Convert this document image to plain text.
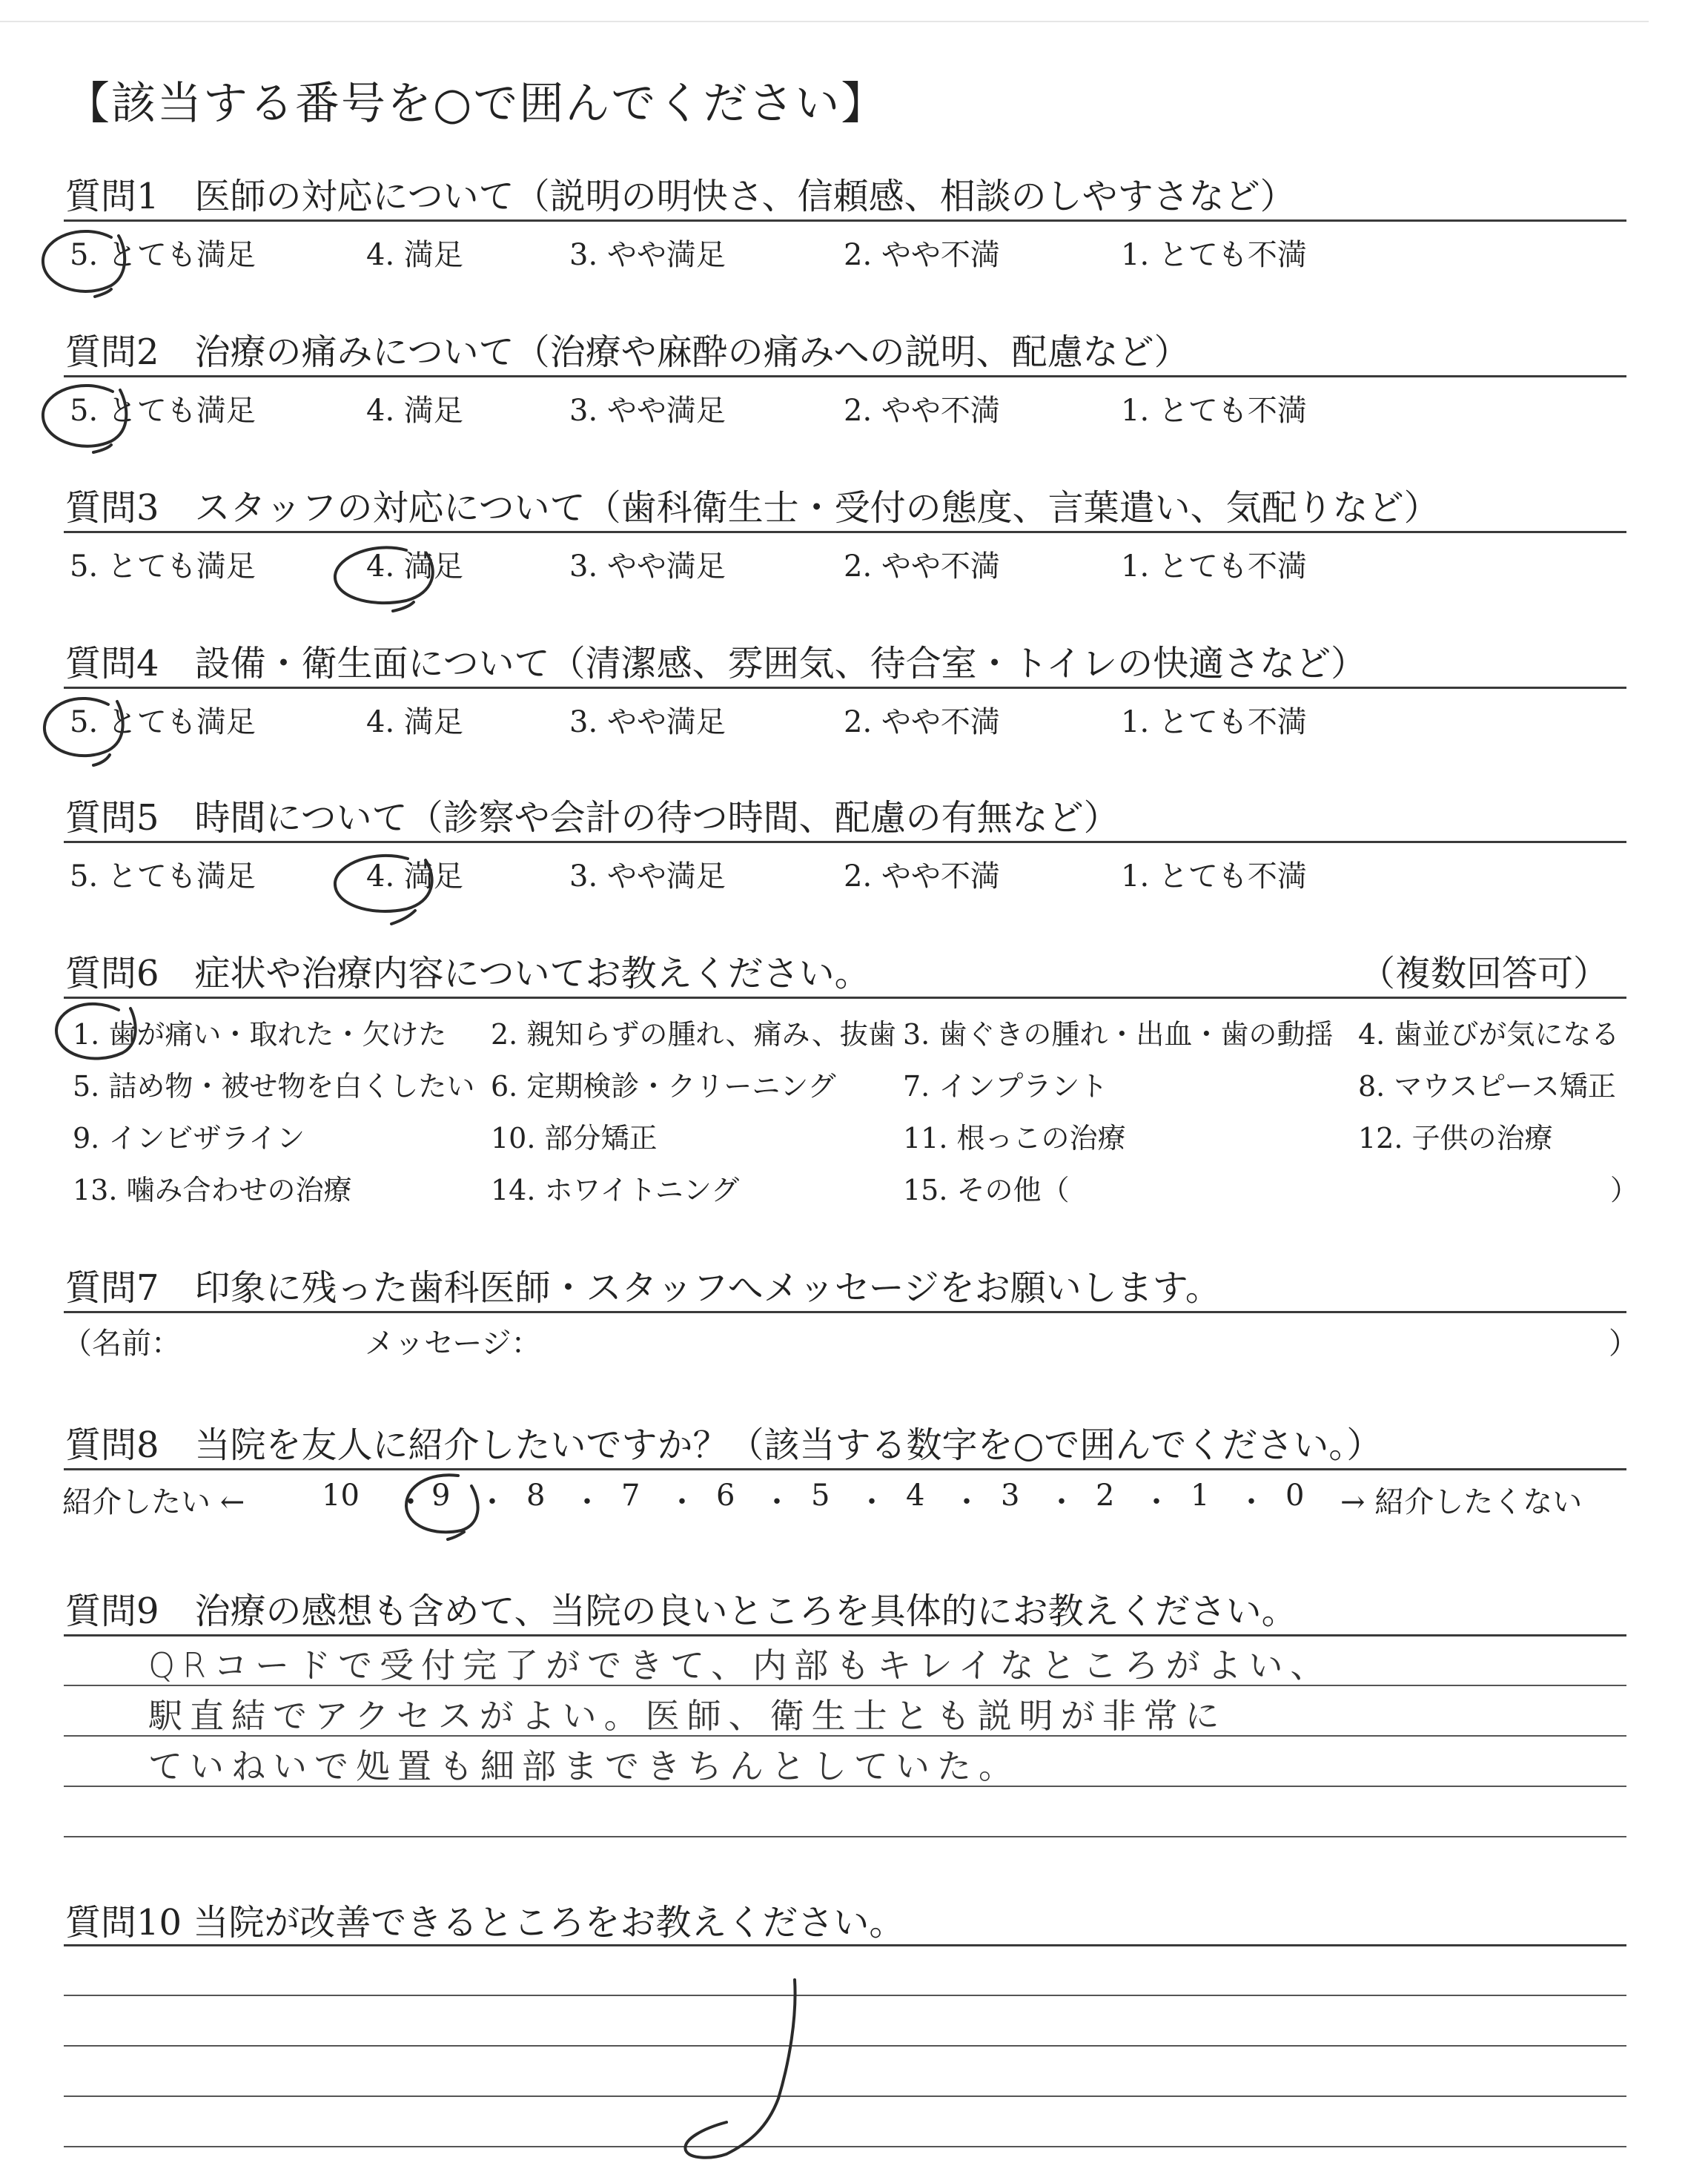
【該当する番号を○で囲んでください】
質問1　医師の対応について（説明の明快さ、信頼感、相談のしやすさなど）
5. とても満足	4. 満足	3. やや満足	2. やや不満	1. とても不満
質問2　治療の痛みについて（治療や麻酔の痛みへの説明、配慮など）
5. とても満足	4. 満足	3. やや満足	2. やや不満	1. とても不満
質問3　スタッフの対応について（歯科衛生士・受付の態度、言葉遣い、気配りなど）
5. とても満足	4. 満足	3. やや満足	2. やや不満	1. とても不満
質問4　設備・衛生面について（清潔感、雰囲気、待合室・トイレの快適さなど）
5. とても満足	4. 満足	3. やや満足	2. やや不満	1. とても不満
質問5　時間について（診察や会計の待つ時間、配慮の有無など）
5. とても満足	4. 満足	3. やや満足	2. やや不満	1. とても不満
質問6　症状や治療内容についてお教えください。	（複数回答可）
1. 歯が痛い・取れた・欠けた 2. 親知らずの腫れ、痛み、抜歯 3. 歯ぐきの腫れ・出血・歯の動揺 4. 歯並びが気になる
5. 詰め物・被せ物を白くしたい 6. 定期検診・クリーニング 7. インプラント	8. マウスピース矯正
9. インビザライン	10. 部分矯正	11. 根っこの治療	12. 子供の治療
13. 噛み合わせの治療	14. ホワイトニング	15. その他（	）
質問7　印象に残った歯科医師・スタッフへメッセージをお願いします。
（名前：	メッセージ：	）
質問8　当院を友人に紹介したいですか？（該当する数字を○で囲んでください。）
紹介したい ←	10 ・ 9 ・ 8 ・ 7 ・ 6 ・ 5 ・ 4 ・ 3 ・ 2 ・ 1 ・ 0 → 紹介したくない
質問9　治療の感想も含めて、当院の良いところを具体的にお教えください。
QRコードで受付完了ができて、内部もキレイなところがよい、
駅直結でアクセスがよい。医師、衛生士とも説明が非常に
ていねいで処置も細部まできちんとしていた。
質問10 当院が改善できるところをお教えください。
